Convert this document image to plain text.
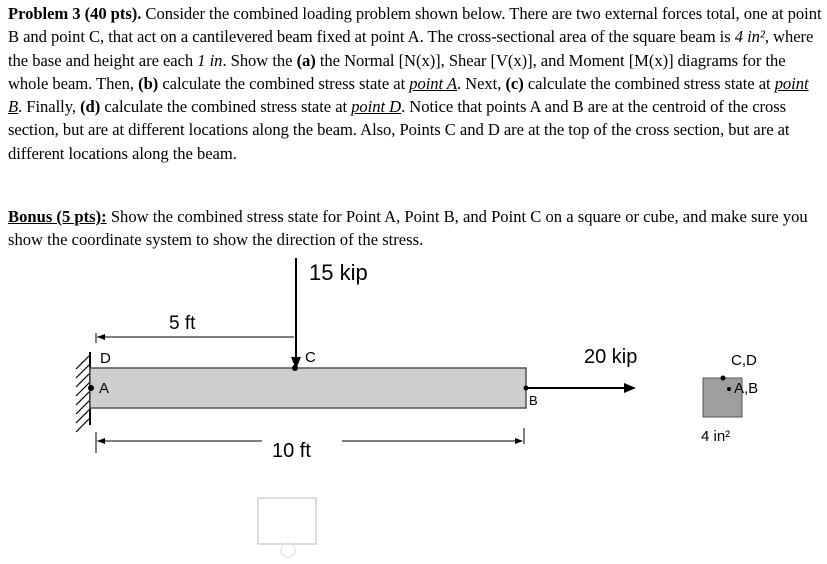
Problem 3 (40 pts). Consider the combined loading problem shown below. There are two external forces total, one at point B and point C, that act on a cantilevered beam fixed at point A. The cross-sectional area of the square beam is 4 in², where the base and height are each 1 in. Show the (a) the Normal [N(x)], Shear [V(x)], and Moment [M(x)] diagrams for the whole beam. Then, (b) calculate the combined stress state at point A. Next, (c) calculate the combined stress state at point B. Finally, (d) calculate the combined stress state at point D. Notice that points A and B are at the centroid of the cross section, but are at different locations along the beam. Also, Points C and D are at the top of the cross section, but are at different locations along the beam.
Bonus (5 pts): Show the combined stress state for Point A, Point B, and Point C on a square or cube, and make sure you show the coordinate system to show the direction of the stress.
15 kip
5 ft
20 kip
10 ft
D
A
C
B
C,D
A,B
4 in²
